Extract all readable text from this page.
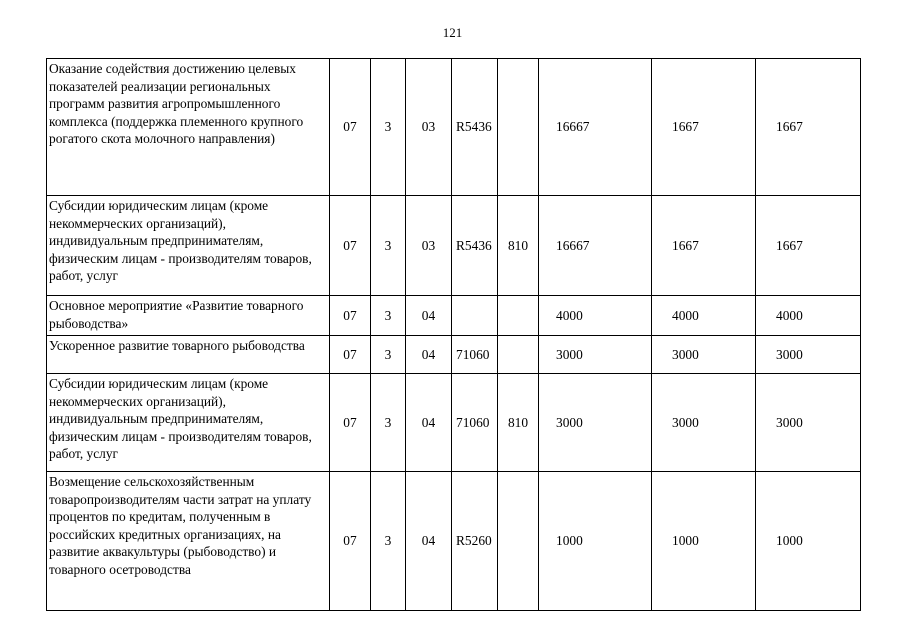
121
Оказание содействия достижению целевых показателей реализации региональных программ развития агропромышленного комплекса (поддержка племенного крупного рогатого скота молочного направления)	07	3	03	R5436		16667	1667	1667
Субсидии юридическим лицам (кроме некоммерческих организаций), индивидуальным предпринимателям, физическим лицам - производителям товаров, работ, услуг	07	3	03	R5436	810	16667	1667	1667
Основное мероприятие «Развитие товарного рыбоводства»	07	3	04			4000	4000	4000
Ускоренное развитие товарного рыбоводства	07	3	04	71060		3000	3000	3000
Субсидии юридическим лицам (кроме некоммерческих организаций), индивидуальным предпринимателям, физическим лицам - производителям товаров, работ, услуг	07	3	04	71060	810	3000	3000	3000
Возмещение сельскохозяйственным товаропроизводителям части затрат на уплату процентов по кредитам, полученным в российских кредитных организациях, на развитие аквакультуры (рыбоводство) и товарного осетроводства	07	3	04	R5260		1000	1000	1000
